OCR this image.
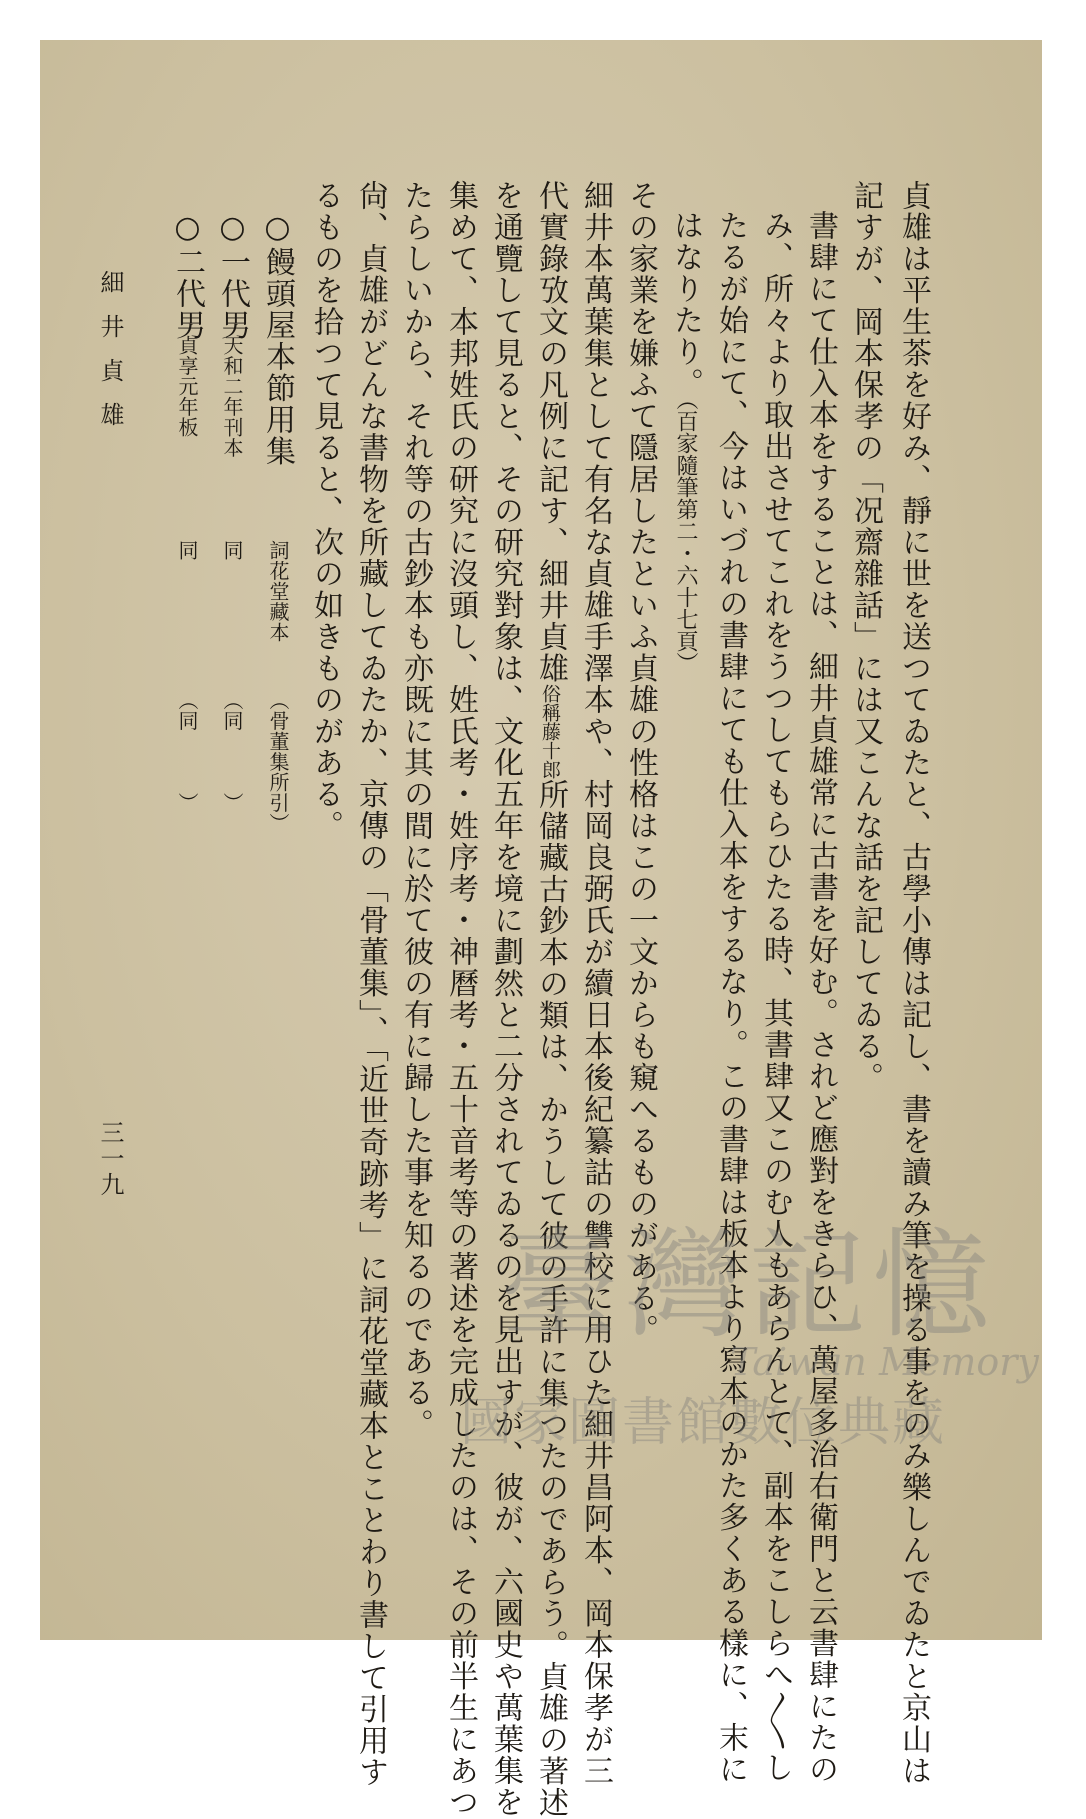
貞雄は平生茶を好み、靜に世を送つてゐたと、古學小傳は記し、書を讀み筆を操る事をのみ樂しんでゐたと京山は
記すが、岡本保孝の「况齋雜話」には又こんな話を記してゐる。
書肆にて仕入本をすることは、細井貞雄常に古書を好む。されど應對をきらひ、萬屋多治右衛門と云書肆にたの
み、所々より取出させてこれをうつしてもらひたる時、其書肆又このむ人もあらんとて、副本をこしらへ〳〵し
たるが始にて、今はいづれの書肆にても仕入本をするなり。この書肆は板本より寫本のかた多くある樣に、末に
はなりたり。（百家隨筆第二・六十七頁）
その家業を嫌ふて隱居したといふ貞雄の性格はこの一文からも窺へるものがある。
細井本萬葉集として有名な貞雄手澤本や、村岡良弼氏が續日本後紀纂詁の讐校に用ひた細井昌阿本、岡本保孝が三
代實錄攷文の凡例に記す、細井貞雄俗稱藤十郎所儲藏古鈔本の類は、かうして彼の手許に集つたのであらう。貞雄の著述
を通覽して見ると、その研究對象は、文化五年を境に劃然と二分されてゐるのを見出すが、彼が、六國史や萬葉集を
集めて、本邦姓氏の研究に沒頭し、姓氏考・姓序考・神曆考・五十音考等の著述を完成したのは、その前半生にあつ
たらしいから、それ等の古鈔本も亦既に其の間に於て彼の有に歸した事を知るのである。
尙、貞雄がどんな書物を所藏してゐたか、京傳の「骨董集」、「近世奇跡考」に詞花堂藏本とことわり書して引用す
るものを拾つて見ると、次の如きものがある。
○饅頭屋本節用集
詞花堂藏本
（骨董集所引）
○一代男
天和二年刊本
同
（同　　　）
○二代男
貞享元年板
同
（同　　　）
細井貞雄
三一九
臺灣記憶
Taiwan Memory
國家圖書館數位典藏
